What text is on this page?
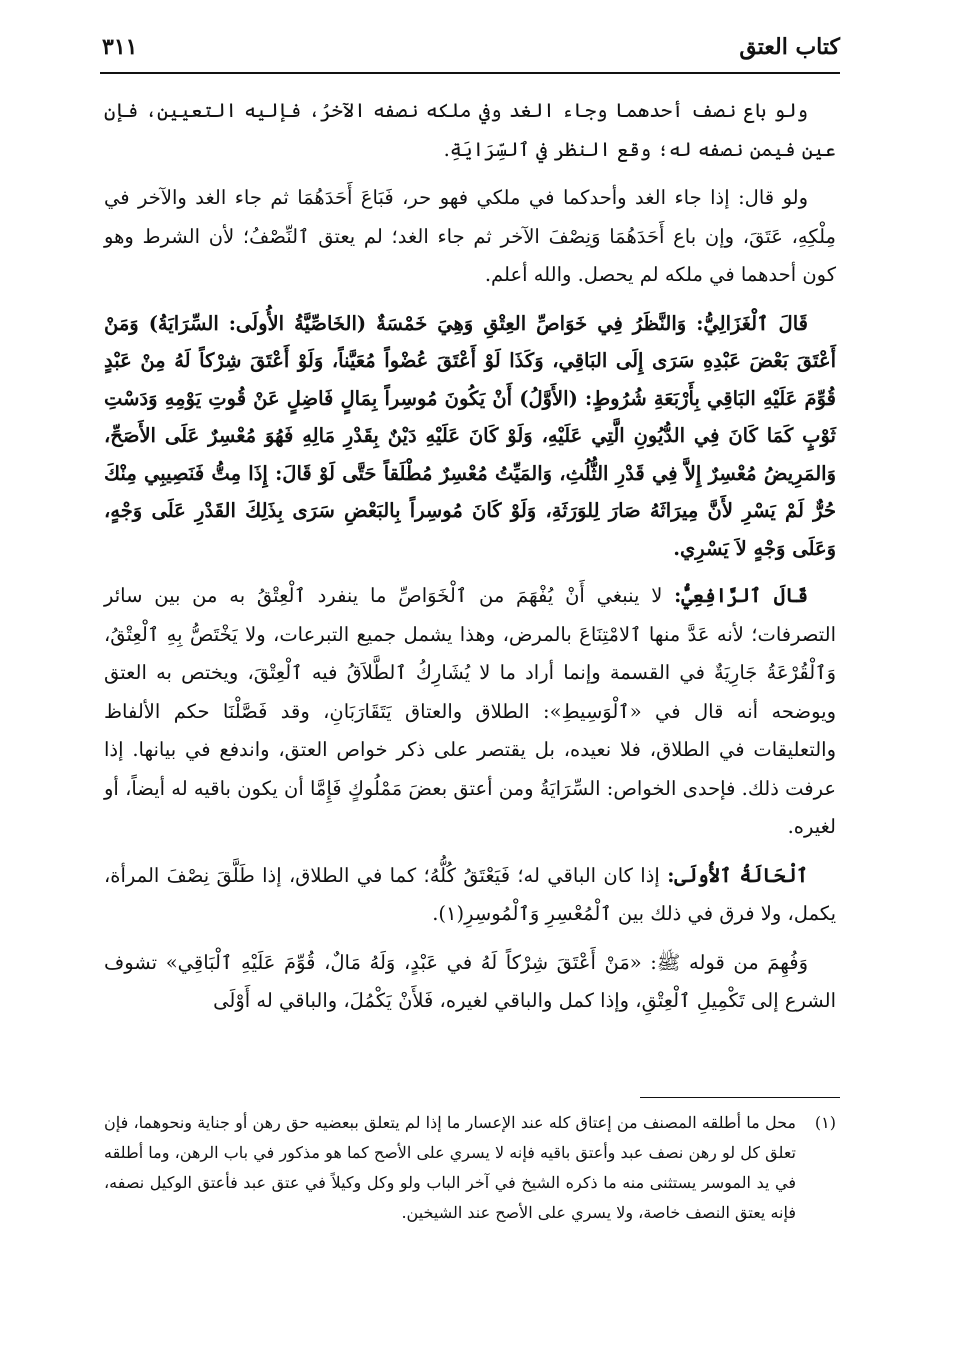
كتاب العتق
٣١١

ولو باع نصف أحدهما وجاء الغد وفي ملكه نصفه الآخرُ، فإليه التعيين، فإن عين فيمن نصفه له؛ وقع النظر في ٱلسِّرَايَةِ.

ولو قال: إذا جاء الغد وأحدكما في ملكي فهو حر، فَبَاعَ أَحَدَهُمَا ثم جاء الغد والآخر في مِلْكِهِ، عَتَقَ، وإن باع أَحَدَهُمَا وَنِصْفَ الآخر ثم جاء الغد؛ لم يعتق ٱلنِّصْفُ؛ لأن الشرط وهو كون أحدهما في ملكه لم يحصل. والله أعلم.

قَالَ ٱلْغَزَالِيُّ: وَالنَّظَرُ فِي خَوَاصِّ العِتْقِ وَهِيَ خَمْسَةٌ (الخَاصِّيَّةُ الأُولَى: السِّرَايَةُ) وَمَنْ أَعْتَقَ بَعْضَ عَبْدِهِ سَرَى إِلَى البَاقِي، وَكَذَا لَوْ أَعْتَقَ عُضْواً مُعَيَّناً، وَلَوْ أَعْتَقَ شِرْكاً لَهُ مِنْ عَبْدٍ قُوِّمَ عَلَيْهِ البَاقِي بِأَرْبَعَةِ شُرُوطٍ: (الأَوَّلُ) أَنْ يَكُونَ مُوسِراً بِمَالٍ فَاضِلٍ عَنْ قُوتِ يَوْمِهِ وَدَسْتِ ثَوْبٍ كَمَا كَانَ فِي الدُّيُونِ الَّتِي عَلَيْهِ، وَلَوْ كَانَ عَلَيْهِ دَيْنٌ بِقَدْرِ مَالِهِ فَهُوَ مُعْسِرٌ عَلَى الأَصَحِّ، وَالمَرِيضُ مُعْسِرٌ إِلاَّ فِي قَدْرِ الثُّلُثِ، وَالمَيِّتُ مُعْسِرٌ مُطْلَقاً حَتَّى لَوْ قَالَ: إِذَا مِتُّ فَنَصِيبِي مِنْكَ حُرٌّ لَمْ يَسْرِ لأَنَّ مِيرَاثَهُ صَارَ لِلوَرَثَةِ، وَلَوْ كَانَ مُوسِراً بِالبَعْضِ سَرَى بِذَلِكَ القَدْرِ عَلَى وَجْهٍ، وَعَلَى وَجْهٍ لاَ يَسْرِي.

قَالَ ٱلرَّافِعِيُّ: لا ينبغي أَنْ يُفْهَمَ من ٱلْخَوَاصِّ ما ينفرد ٱلْعِتْقُ به من بين سائر التصرفات؛ لأنه عَدَّ منها ٱلامْتِنَاعَ بالمرض، وهذا يشمل جميع التبرعات، ولا يَخْتَصُّ بِهِ ٱلْعِتْقُ، وَٱلْقُرْعَةُ جَارِيَةٌ في القسمة وإنما أراد ما لا يُشَارِكُ ٱلطَّلاَقُ فيه ٱلْعِتْقَ، ويختص به العتق ويوضحه أنه قال في «ٱلْوَسِيطِ»: الطلاق والعتاق يَتَقَارَبَانِ، وقد فَصَّلْنَا حكم الألفاظ والتعليقات في الطلاق، فلا نعيده، بل يقتصر على ذكر خواص العتق، واندفع في بيانها. إذا عرفت ذلك. فإحدى الخواص: السِّرَايَةُ ومن أعتق بعضَ مَمْلُوكٍ فَإِمَّا أن يكون باقيه له أيضاً، أو لغيره.

ٱلْحَالَةُ ٱلأُولَى: إذا كان الباقي له؛ فَيَعْتَقُ كُلُّهُ؛ كما في الطلاق، إذا طَلَّقَ نِصْفَ المرأة، يكمل، ولا فرق في ذلك بين ٱلْمُعْسِرِ وَٱلْمُوسِرِ(١).

وَفُهِمَ من قوله ﷺ: «مَنْ أَعْتَقَ شِرْكاً لَهُ في عَبْدٍ، وَلَهُ مَالٌ، قُوِّمَ عَلَيْهِ ٱلْبَاقِي» تشوف الشرع إلى تَكْمِيلِ ٱلْعِتْقِ، وإذا كمل والباقي لغيره، فَلأَنْ يَكْمُلَ، والباقي له أَوْلَى

(١)
محل ما أطلقه المصنف من إعتاق كله عند الإعسار ما إذا لم يتعلق ببعضيه حق رهن أو جناية ونحوهما، فإن تعلق كل لو رهن نصف عبد وأعتق باقيه فإنه لا يسري على الأصح كما هو مذكور في باب الرهن، وما أطلقه في يد الموسر يستثنى منه ما ذكره الشيخ في آخر الباب ولو وكل وكيلاً في عتق عبد فأعتق الوكيل نصفه، فإنه يعتق النصف خاصة، ولا يسري على الأصح عند الشيخين.
